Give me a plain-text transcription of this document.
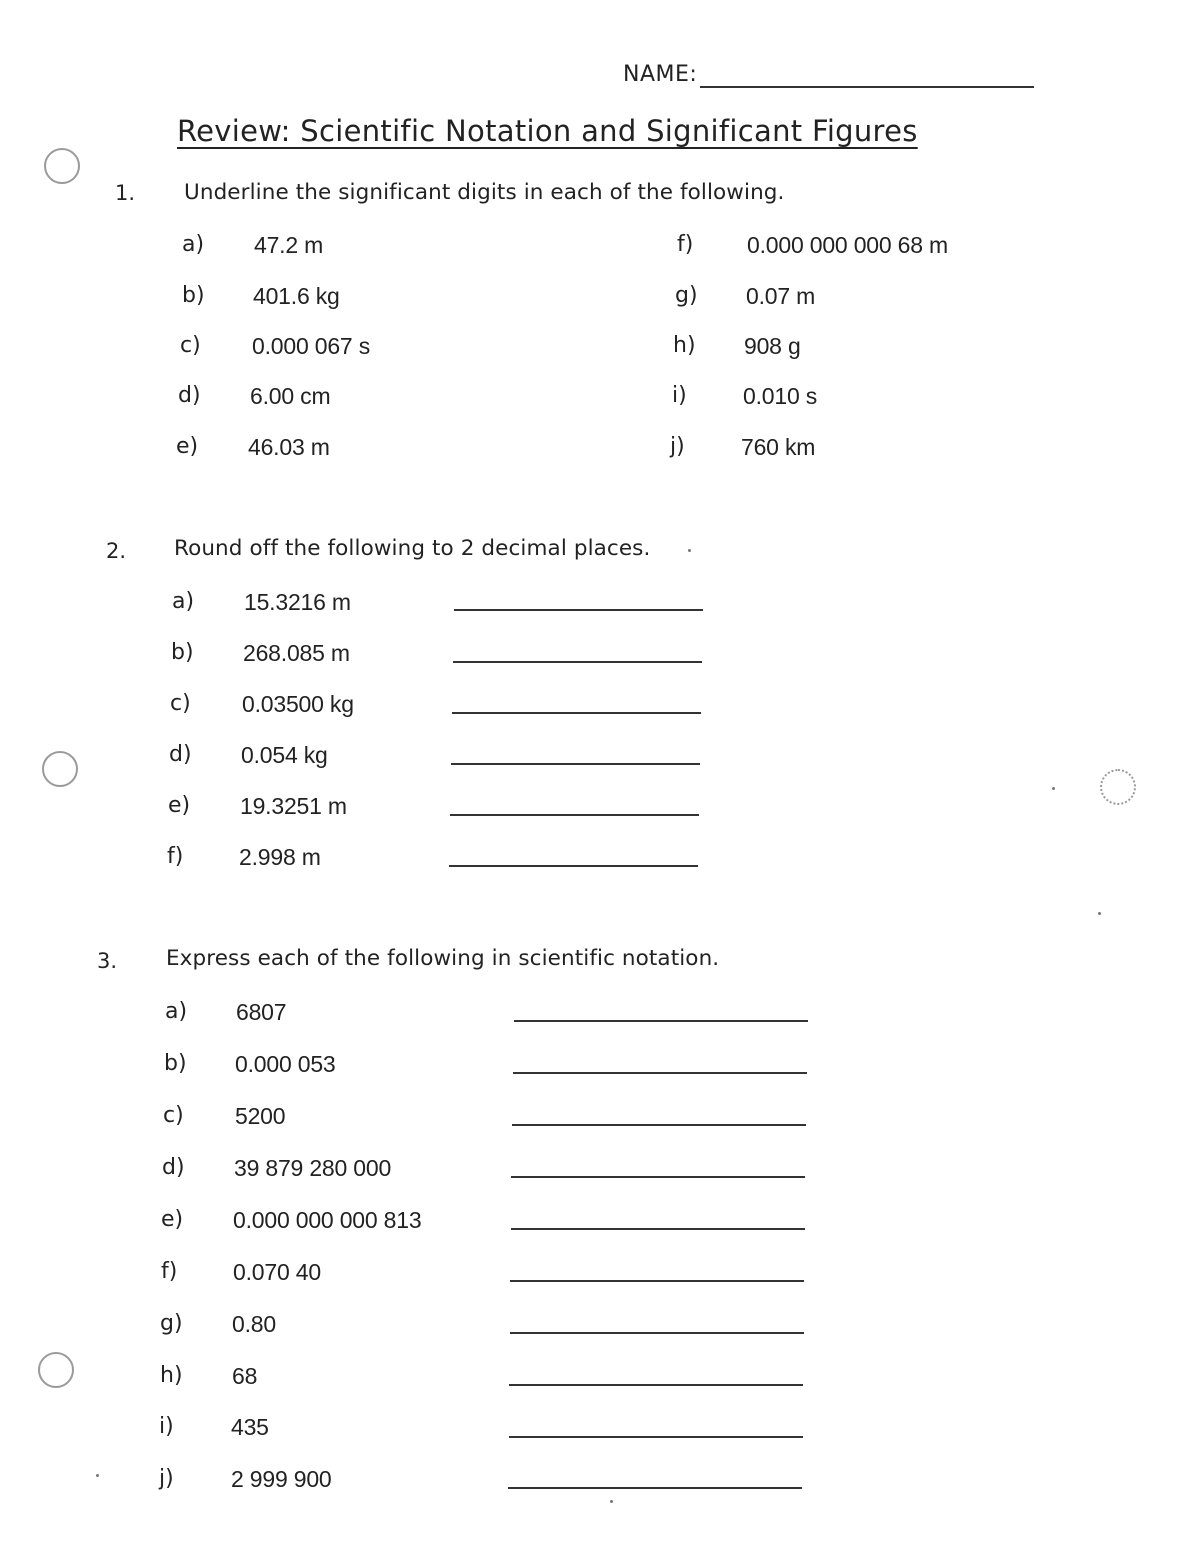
NAME:
Review: Scientific Notation and Significant Figures
1. Underline the significant digits in each of the following.
a) 47.2 m
b) 401.6 kg
c) 0.000 067 s
d) 6.00 cm
e) 46.03 m
f) 0.000 000 000 68 m
g) 0.07 m
h) 908 g
i) 0.010 s
j) 760 km
2. Round off the following to 2 decimal places.
a) 15.3216 m
b) 268.085 m
c) 0.03500 kg
d) 0.054 kg
e) 19.3251 m
f) 2.998 m
3. Express each of the following in scientific notation.
a) 6807
b) 0.000 053
c) 5200
d) 39 879 280 000
e) 0.000 000 000 813
f) 0.070 40
g) 0.80
h) 68
i) 435
j) 2 999 900
